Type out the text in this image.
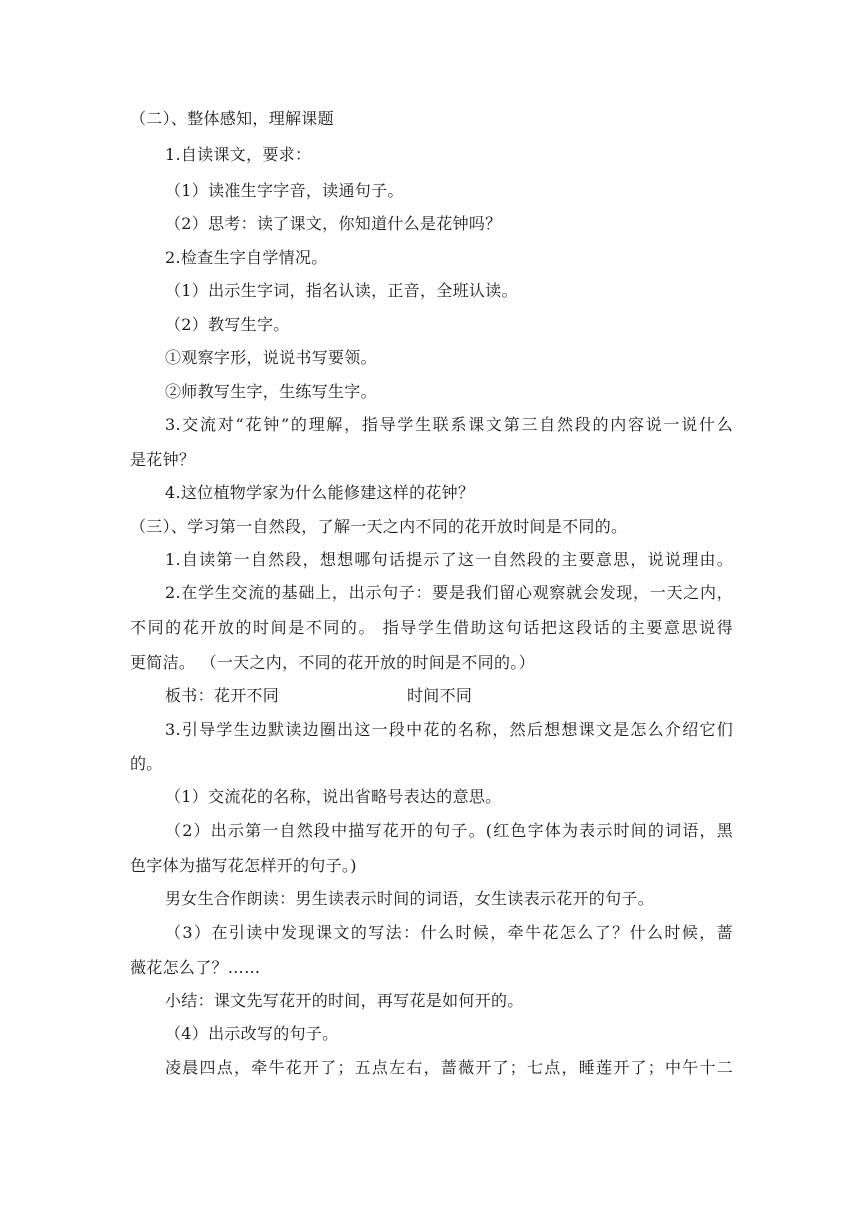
（二）、整体感知，理解课题
1.自读课文，要求：
（1）读准生字字音，读通句子。
（2）思考：读了课文，你知道什么是花钟吗？
2.检查生字自学情况。
（1）出示生字词，指名认读，正音，全班认读。
（2）教写生字。
①观察字形，说说书写要领。
②师教写生字，生练写生字。
3.交流对“花钟”的理解，指导学生联系课文第三自然段的内容说一说什么
是花钟？
4.这位植物学家为什么能修建这样的花钟？
（三）、学习第一自然段，了解一天之内不同的花开放时间是不同的。
1.自读第一自然段，想想哪句话提示了这一自然段的主要意思，说说理由。
2.在学生交流的基础上，出示句子：要是我们留心观察就会发现，一天之内，
不同的花开放的时间是不同的。 指导学生借助这句话把这段话的主要意思说得
更简洁。 （一天之内，不同的花开放的时间是不同的。）
板书：花开不同	时间不同
3.引导学生边默读边圈出这一段中花的名称，然后想想课文是怎么介绍它们
的。
（1）交流花的名称，说出省略号表达的意思。
（2）出示第一自然段中描写花开的句子。(红色字体为表示时间的词语，黑
色字体为描写花怎样开的句子。)
男女生合作朗读：男生读表示时间的词语，女生读表示花开的句子。
（3）在引读中发现课文的写法：什么时候，牵牛花怎么了？什么时候，蔷
薇花怎么了？……
小结：课文先写花开的时间，再写花是如何开的。
（4）出示改写的句子。
凌晨四点，牵牛花开了；五点左右，蔷薇开了；七点，睡莲开了；中午十二
